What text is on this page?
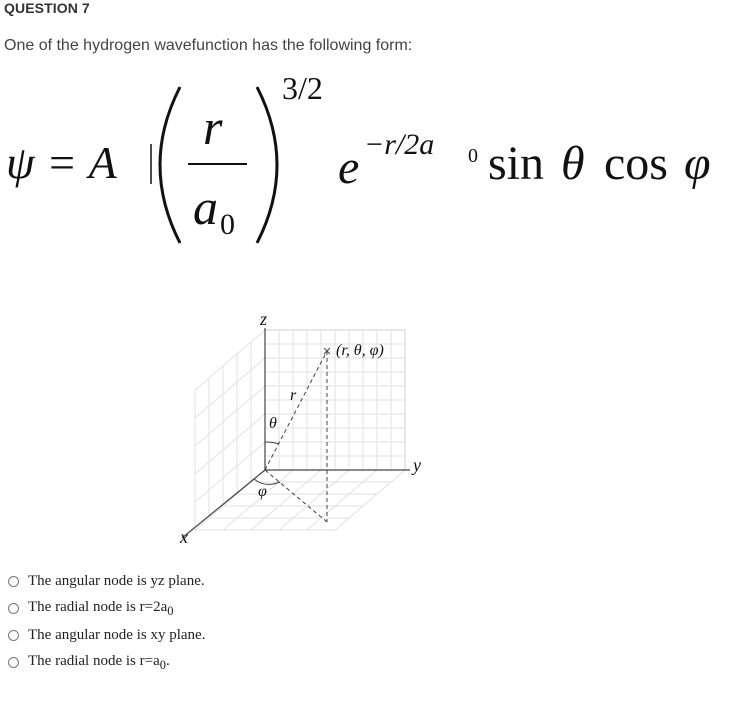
QUESTION 7
One of the hydrogen wavefunction has the following form:
ψ = A
r
a 0
3/2
e −r/2a 0 sin θ cos φ
z
y
x
r
θ
φ
(r, θ, φ)
The angular node is yz plane.
The radial node is $r=2a_0$
The angular node is xy plane.
The radial node is $r=a_0$.
